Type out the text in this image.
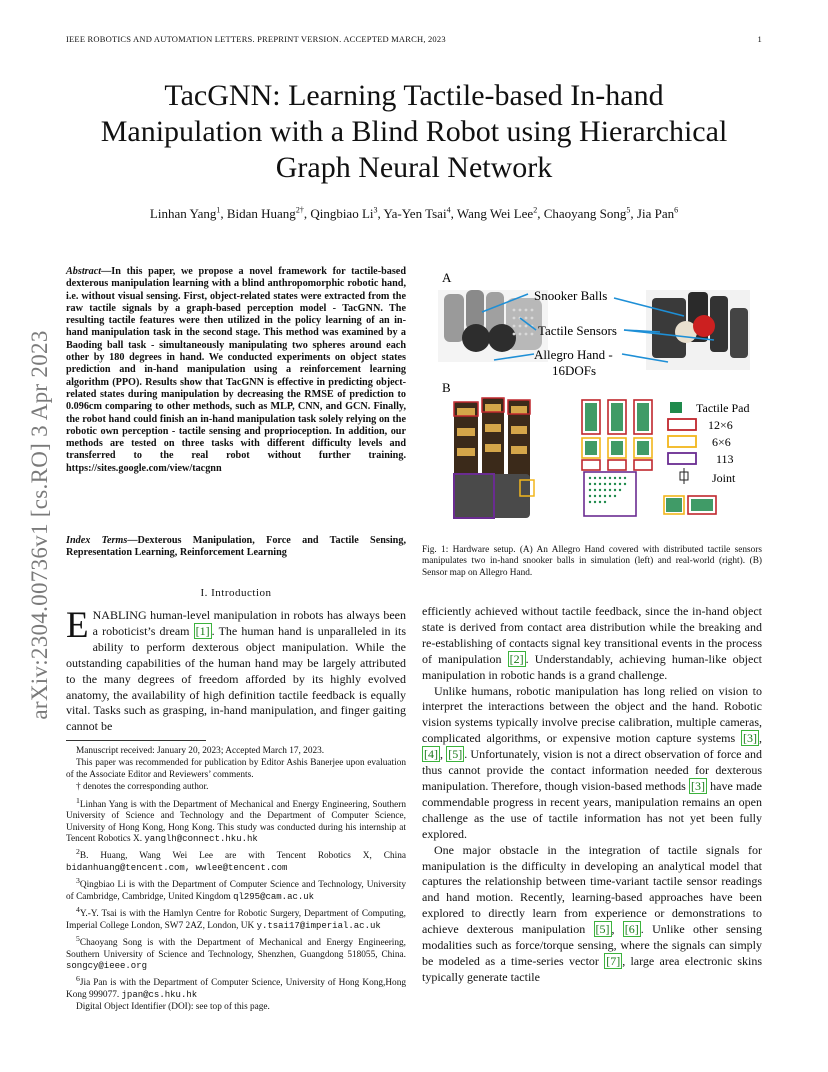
IEEE ROBOTICS AND AUTOMATION LETTERS. PREPRINT VERSION. ACCEPTED MARCH, 2023	1
arXiv:2304.00736v1 [cs.RO] 3 Apr 2023
TacGNN: Learning Tactile-based In-hand
Manipulation with a Blind Robot using Hierarchical
Graph Neural Network
Linhan Yang$^1$, Bidan Huang$^{2\dagger}$, Qingbiao Li$^3$, Ya-Yen Tsai$^4$, Wang Wei Lee$^2$, Chaoyang Song$^5$, Jia Pan$^6$
Abstract—In this paper, we propose a novel framework for tactile-based dexterous manipulation learning with a blind anthropomorphic robotic hand, i.e. without visual sensing. First, object-related states were extracted from the raw tactile signals by a graph-based perception model - TacGNN. The resulting tactile features were then utilized in the policy learning of an in-hand manipulation task in the second stage. This method was examined by a Baoding ball task - simultaneously manipulating two spheres around each other by 180 degrees in hand. We conducted experiments on object states prediction and in-hand manipulation using a reinforcement learning algorithm (PPO). Results show that TacGNN is effective in predicting object-related states during manipulation by decreasing the RMSE of prediction to 0.096cm comparing to other methods, such as MLP, CNN, and GCN. Finally, the robot hand could finish an in-hand manipulation task solely relying on the robotic own perception - tactile sensing and proprioception. In addition, our methods are tested on three tasks with different difficulty levels and transferred to the real robot without further training. https://sites.google.com/view/tacgnn
Index Terms—Dexterous Manipulation, Force and Tactile Sensing, Representation Learning, Reinforcement Learning
I. Introduction
ENABLING human-level manipulation in robots has always been a roboticist’s dream [1] . The human hand is unparalleled in its ability to perform dexterous object manipulation. While the outstanding capabilities of the human hand may be largely attributed to the many degrees of freedom afforded by its highly evolved anatomy, the availability of high definition tactile feedback is equally vital. Tasks such as grasping, in-hand manipulation, and finger gaiting cannot be

Manuscript received: January 20, 2023; Accepted March 17, 2023.

This paper was recommended for publication by Editor Ashis Banerjee upon evaluation of the Associate Editor and Reviewers’ comments.

† denotes the corresponding author.

$^1$Linhan Yang is with the Department of Mechanical and Energy Engineering, Southern University of Science and Technology and the Department of Computer Science, University of Hong Kong, Hong Kong. This study was conducted during his internship at Tencent Robotics X. yanglh@connect.hku.hk

$^2$B. Huang, Wang Wei Lee are with Tencent Robotics X, China bidanhuang@tencent.com, wwlee@tencent.com

$^3$Qingbiao Li is with the Department of Computer Science and Technology, University of Cambridge, Cambridge, United Kingdom ql295@cam.ac.uk

$^4$Y.-Y. Tsai is with the Hamlyn Centre for Robotic Surgery, Department of Computing, Imperial College London, SW7 2AZ, London, UK y.tsai17@imperial.ac.uk

$^5$Chaoyang Song is with the Department of Mechanical and Energy Engineering, Southern University of Science and Technology, Shenzhen, Guangdong 518055, China. songcy@ieee.org

$^6$Jia Pan is with the Department of Computer Science, University of Hong Kong,Hong Kong 999077. jpan@cs.hku.hk

Digital Object Identifier (DOI): see top of this page.

A
Snooker Balls
Tactile Sensors
Allegro Hand -
16DOFs
B
Tactile Pad
12×6
6×6
113
Joint
Fig. 1: Hardware setup. (A) An Allegro Hand covered with distributed tactile sensors manipulates two in-hand snooker balls in simulation (left) and real-world (right). (B) Sensor map on Allegro Hand.

efficiently achieved without tactile feedback, since the in-hand object state is derived from contact area distribution while the breaking and re-establishing of contacts signal key transitional events in the process of manipulation [2] . Understandably, achieving human-like object manipulation in robotic hands is a grand challenge.

Unlike humans, robotic manipulation has long relied on vision to interpret the interactions between the object and the hand. Robotic vision systems typically involve precise calibration, multiple cameras, complicated algorithms, or expensive motion capture systems [3] , [4] , [5] . Unfortunately, vision is not a direct observation of force and thus cannot provide the contact information needed for dexterous manipulation. Therefore, though vision-based methods [3] have made commendable progress in recent years, manipulation remains an open challenge as the use of tactile information has not yet been fully explored.

One major obstacle in the integration of tactile signals for manipulation is the difficulty in developing an analytical model that captures the relationship between time-variant tactile sensor readings and hand motion. Recently, learning-based approaches have been explored to directly learn from experience or demonstrations to achieve dexterous manipulation [5] , [6] . Unlike other sensing modalities such as force/torque sensing, where the signals can simply be modeled as a time-series vector [7] , large area electronic skins typically generate tactile
